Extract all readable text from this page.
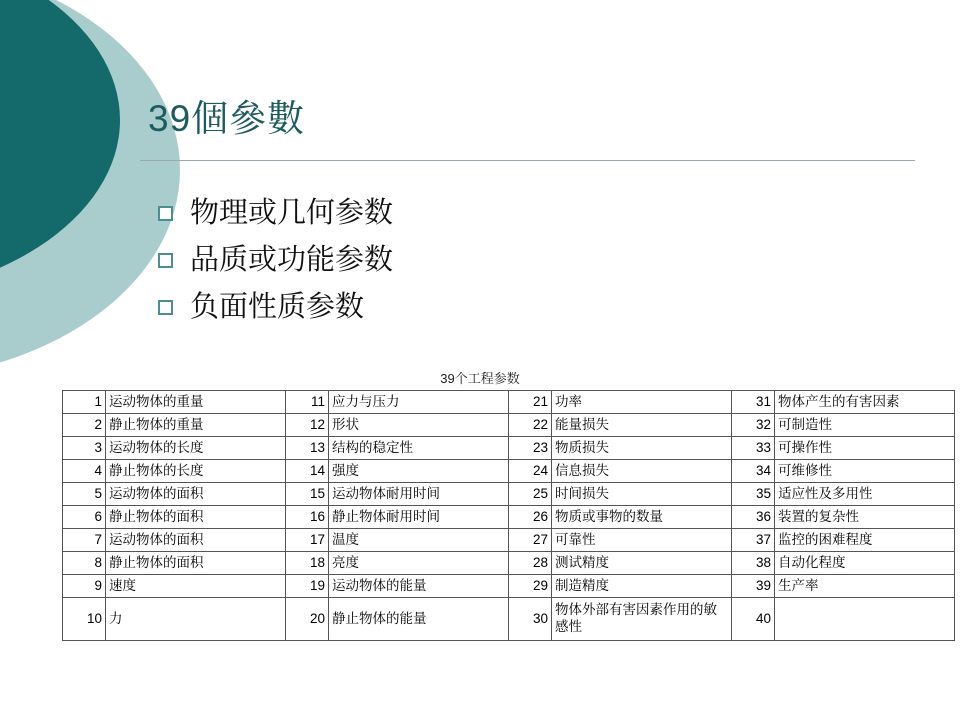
39個參數
物理或几何参数
品质或功能参数
负面性质参数
39个工程参数
1	运动物体的重量	11	应力与压力	21	功率	31	物体产生的有害因素
2	静止物体的重量	12	形状	22	能量损失	32	可制造性
3	运动物体的长度	13	结构的稳定性	23	物质损失	33	可操作性
4	静止物体的长度	14	强度	24	信息损失	34	可维修性
5	运动物体的面积	15	运动物体耐用时间	25	时间损失	35	适应性及多用性
6	静止物体的面积	16	静止物体耐用时间	26	物质或事物的数量	36	装置的复杂性
7	运动物体的面积	17	温度	27	可靠性	37	监控的困难程度
8	静止物体的面积	18	亮度	28	测试精度	38	自动化程度
9	速度	19	运动物体的能量	29	制造精度	39	生产率
10	力	20	静止物体的能量	30	物体外部有害因素作用的敏感性	40	
